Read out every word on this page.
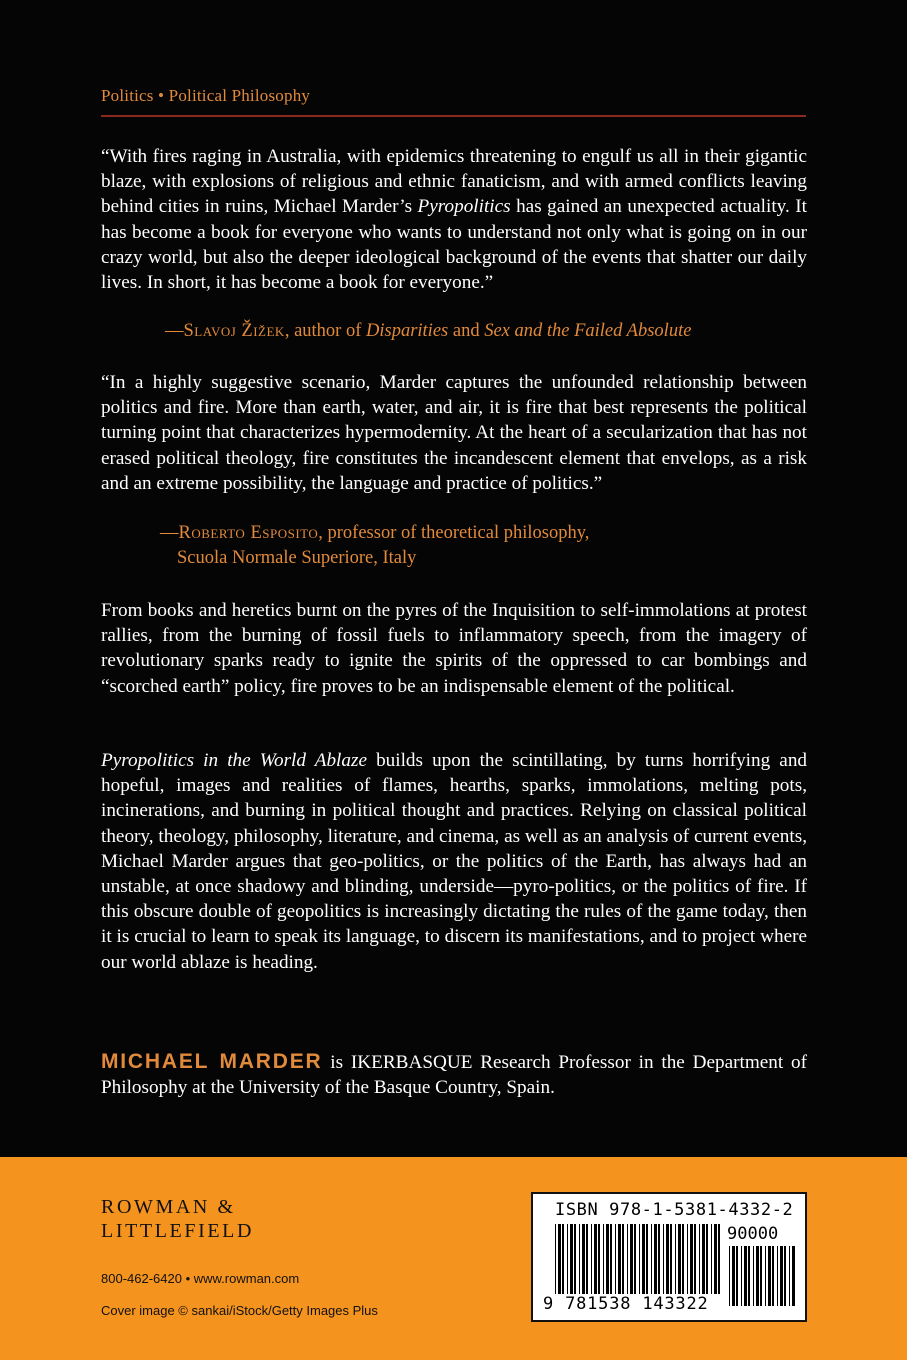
Politics • Political Philosophy

“With fires raging in Australia, with epidemics threatening to engulf us all in their gigantic blaze, with explosions of religious and ethnic fanaticism, and with armed conflicts leaving behind cities in ruins, Michael Marder’s Pyropolitics has gained an unexpected actuality. It has become a book for everyone who wants to understand not only what is going on in our crazy world, but also the deeper ideological background of the events that shatter our daily lives. In short, it has become a book for everyone.”

—Slavoj Žižek, author of Disparities and Sex and the Failed Absolute

“In a highly suggestive scenario, Marder captures the unfounded relationship between politics and fire. More than earth, water, and air, it is fire that best represents the political turning point that characterizes hypermodernity. At the heart of a secularization that has not erased political theology, fire constitutes the incandescent element that envelops, as a risk and an extreme possibility, the language and practice of politics.”

—Roberto Esposito, professor of theoretical philosophy,
Scuola Normale Superiore, Italy

From books and heretics burnt on the pyres of the Inquisition to self-immolations at protest rallies, from the burning of fossil fuels to inflammatory speech, from the imagery of revolutionary sparks ready to ignite the spirits of the oppressed to car bombings and “scorched earth” policy, fire proves to be an indispensable element of the political.

Pyropolitics in the World Ablaze builds upon the scintillating, by turns horrifying and hopeful, images and realities of flames, hearths, sparks, immolations, melting pots, incinerations, and burning in political thought and practices. Relying on classical political theory, theology, philosophy, literature, and cinema, as well as an analysis of current events, Michael Marder argues that geo-politics, or the politics of the Earth, has always had an unstable, at once shadowy and blinding, underside—pyro-politics, or the politics of fire. If this obscure double of geopolitics is increasingly dictating the rules of the game today, then it is crucial to learn to speak its language, to discern its manifestations, and to project where our world ablaze is heading.

MICHAEL MARDER is IKERBASQUE Research Professor in the Department of Philosophy at the University of the Basque Country, Spain.

ROWMAN &
LITTLEFIELD
800-462-6420 • www.rowman.com
Cover image © sankai/iStock/Getty Images Plus
ISBN 978-1-5381-4332-2
90000
9 781538 143322
